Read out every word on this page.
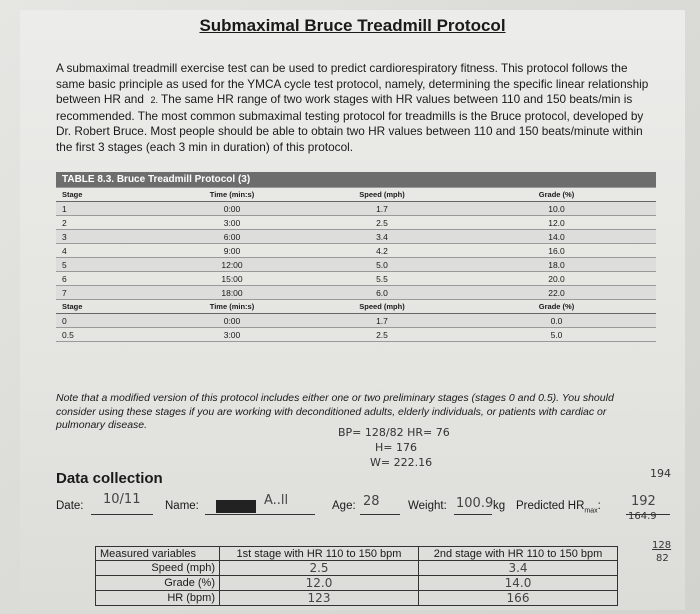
Submaximal Bruce Treadmill Protocol
A submaximal treadmill exercise test can be used to predict cardiorespiratory fitness. This protocol follows the
same basic principle as used for the YMCA cycle test protocol, namely, determining the specific linear relationship
between HR and 2. The same HR range of two work stages with HR values between 110 and 150 beats/min is
recommended. The most common submaximal testing protocol for treadmills is the Bruce protocol, developed by
Dr. Robert Bruce. Most people should be able to obtain two HR values between 110 and 150 beats/minute within
the first 3 stages (each 3 min in duration) of this protocol.
TABLE 8.3. Bruce Treadmill Protocol (3)			
Stage	Time (min:s)	Speed (mph)	Grade (%)
1	0:00	1.7	10.0
2	3:00	2.5	12.0
3	6:00	3.4	14.0
4	9:00	4.2	16.0
5	12:00	5.0	18.0
6	15:00	5.5	20.0
7	18:00	6.0	22.0
Stage	Time (min:s)	Speed (mph)	Grade (%)
0	0:00	1.7	0.0
0.5	3:00	2.5	5.0
Note that a modified version of this protocol includes either one or two preliminary stages (stages 0 and 0.5). You should
consider using these stages if you are working with deconditioned adults, elderly individuals, or patients with cardiac or
pulmonary disease.
BP= 128/82 HR= 76
H= 176
W= 222.16
194
164.9
128
82
Data collection
Date: 10/11 Name:	A..ll	Age: 28 Weight: 100.9 kg Predicted $HR_{max}$: 192
Measured variables	1st stage with HR 110 to 150 bpm	2nd stage with HR 110 to 150 bpm
Speed (mph)	2.5	3.4
Grade (%)	12.0	14.0
HR (bpm)	123	166
